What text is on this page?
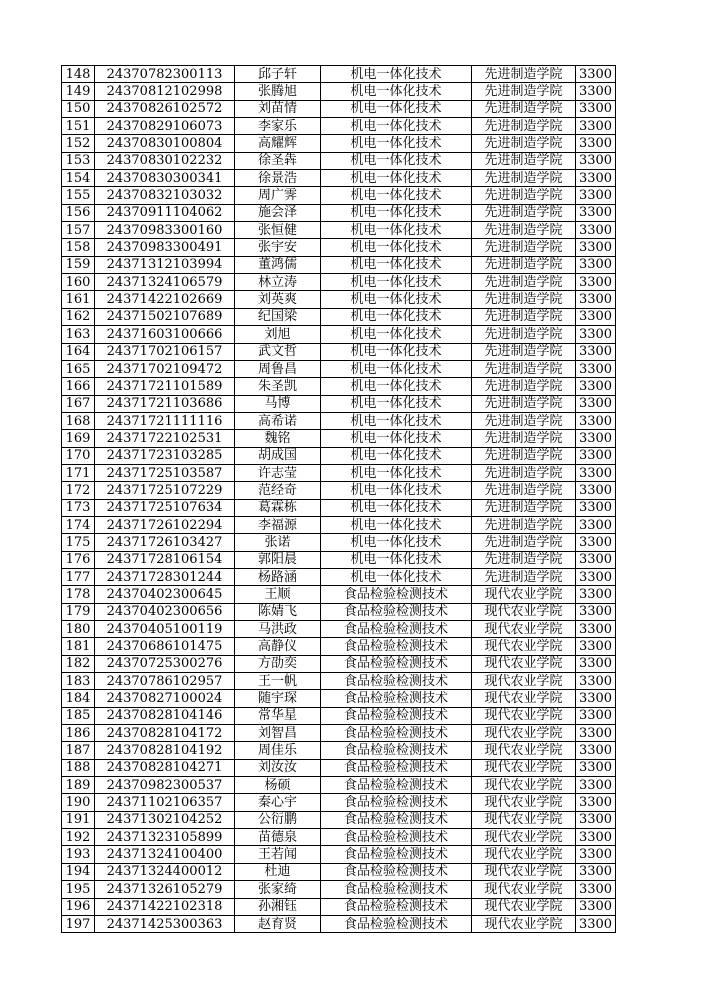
148	24370782300113	邱子轩	机电一体化技术	先进制造学院	3300
149	24370812102998	张腾旭	机电一体化技术	先进制造学院	3300
150	24370826102572	刘苗情	机电一体化技术	先进制造学院	3300
151	24370829106073	李家乐	机电一体化技术	先进制造学院	3300
152	24370830100804	高耀辉	机电一体化技术	先进制造学院	3300
153	24370830102232	徐圣犇	机电一体化技术	先进制造学院	3300
154	24370830300341	徐景浩	机电一体化技术	先进制造学院	3300
155	24370832103032	周广霁	机电一体化技术	先进制造学院	3300
156	24370911104062	施会泽	机电一体化技术	先进制造学院	3300
157	24370983300160	张恒健	机电一体化技术	先进制造学院	3300
158	24370983300491	张宇安	机电一体化技术	先进制造学院	3300
159	24371312103994	董鸿儒	机电一体化技术	先进制造学院	3300
160	24371324106579	林立涛	机电一体化技术	先进制造学院	3300
161	24371422102669	刘英爽	机电一体化技术	先进制造学院	3300
162	24371502107689	纪国梁	机电一体化技术	先进制造学院	3300
163	24371603100666	刘旭	机电一体化技术	先进制造学院	3300
164	24371702106157	武文哲	机电一体化技术	先进制造学院	3300
165	24371702109472	周鲁昌	机电一体化技术	先进制造学院	3300
166	24371721101589	朱圣凯	机电一体化技术	先进制造学院	3300
167	24371721103686	马博	机电一体化技术	先进制造学院	3300
168	24371721111116	高希诺	机电一体化技术	先进制造学院	3300
169	24371722102531	魏铭	机电一体化技术	先进制造学院	3300
170	24371723103285	胡成国	机电一体化技术	先进制造学院	3300
171	24371725103587	许志莹	机电一体化技术	先进制造学院	3300
172	24371725107229	范经奇	机电一体化技术	先进制造学院	3300
173	24371725107634	葛霖栋	机电一体化技术	先进制造学院	3300
174	24371726102294	李福源	机电一体化技术	先进制造学院	3300
175	24371726103427	张诺	机电一体化技术	先进制造学院	3300
176	24371728106154	郭阳晨	机电一体化技术	先进制造学院	3300
177	24371728301244	杨路涵	机电一体化技术	先进制造学院	3300
178	24370402300645	王顺	食品检验检测技术	现代农业学院	3300
179	24370402300656	陈婧飞	食品检验检测技术	现代农业学院	3300
180	24370405100119	马洪政	食品检验检测技术	现代农业学院	3300
181	24370686101475	高静仪	食品检验检测技术	现代农业学院	3300
182	24370725300276	方劭奕	食品检验检测技术	现代农业学院	3300
183	24370786102957	王一帆	食品检验检测技术	现代农业学院	3300
184	24370827100024	随宇琛	食品检验检测技术	现代农业学院	3300
185	24370828104146	常华星	食品检验检测技术	现代农业学院	3300
186	24370828104172	刘智昌	食品检验检测技术	现代农业学院	3300
187	24370828104192	周佳乐	食品检验检测技术	现代农业学院	3300
188	24370828104271	刘汝汝	食品检验检测技术	现代农业学院	3300
189	24370982300537	杨硕	食品检验检测技术	现代农业学院	3300
190	24371102106357	秦心宇	食品检验检测技术	现代农业学院	3300
191	24371302104252	公衍鹏	食品检验检测技术	现代农业学院	3300
192	24371323105899	苗德泉	食品检验检测技术	现代农业学院	3300
193	24371324100400	王若闻	食品检验检测技术	现代农业学院	3300
194	24371324400012	杜迪	食品检验检测技术	现代农业学院	3300
195	24371326105279	张家绮	食品检验检测技术	现代农业学院	3300
196	24371422102318	孙湘钰	食品检验检测技术	现代农业学院	3300
197	24371425300363	赵育贤	食品检验检测技术	现代农业学院	3300
